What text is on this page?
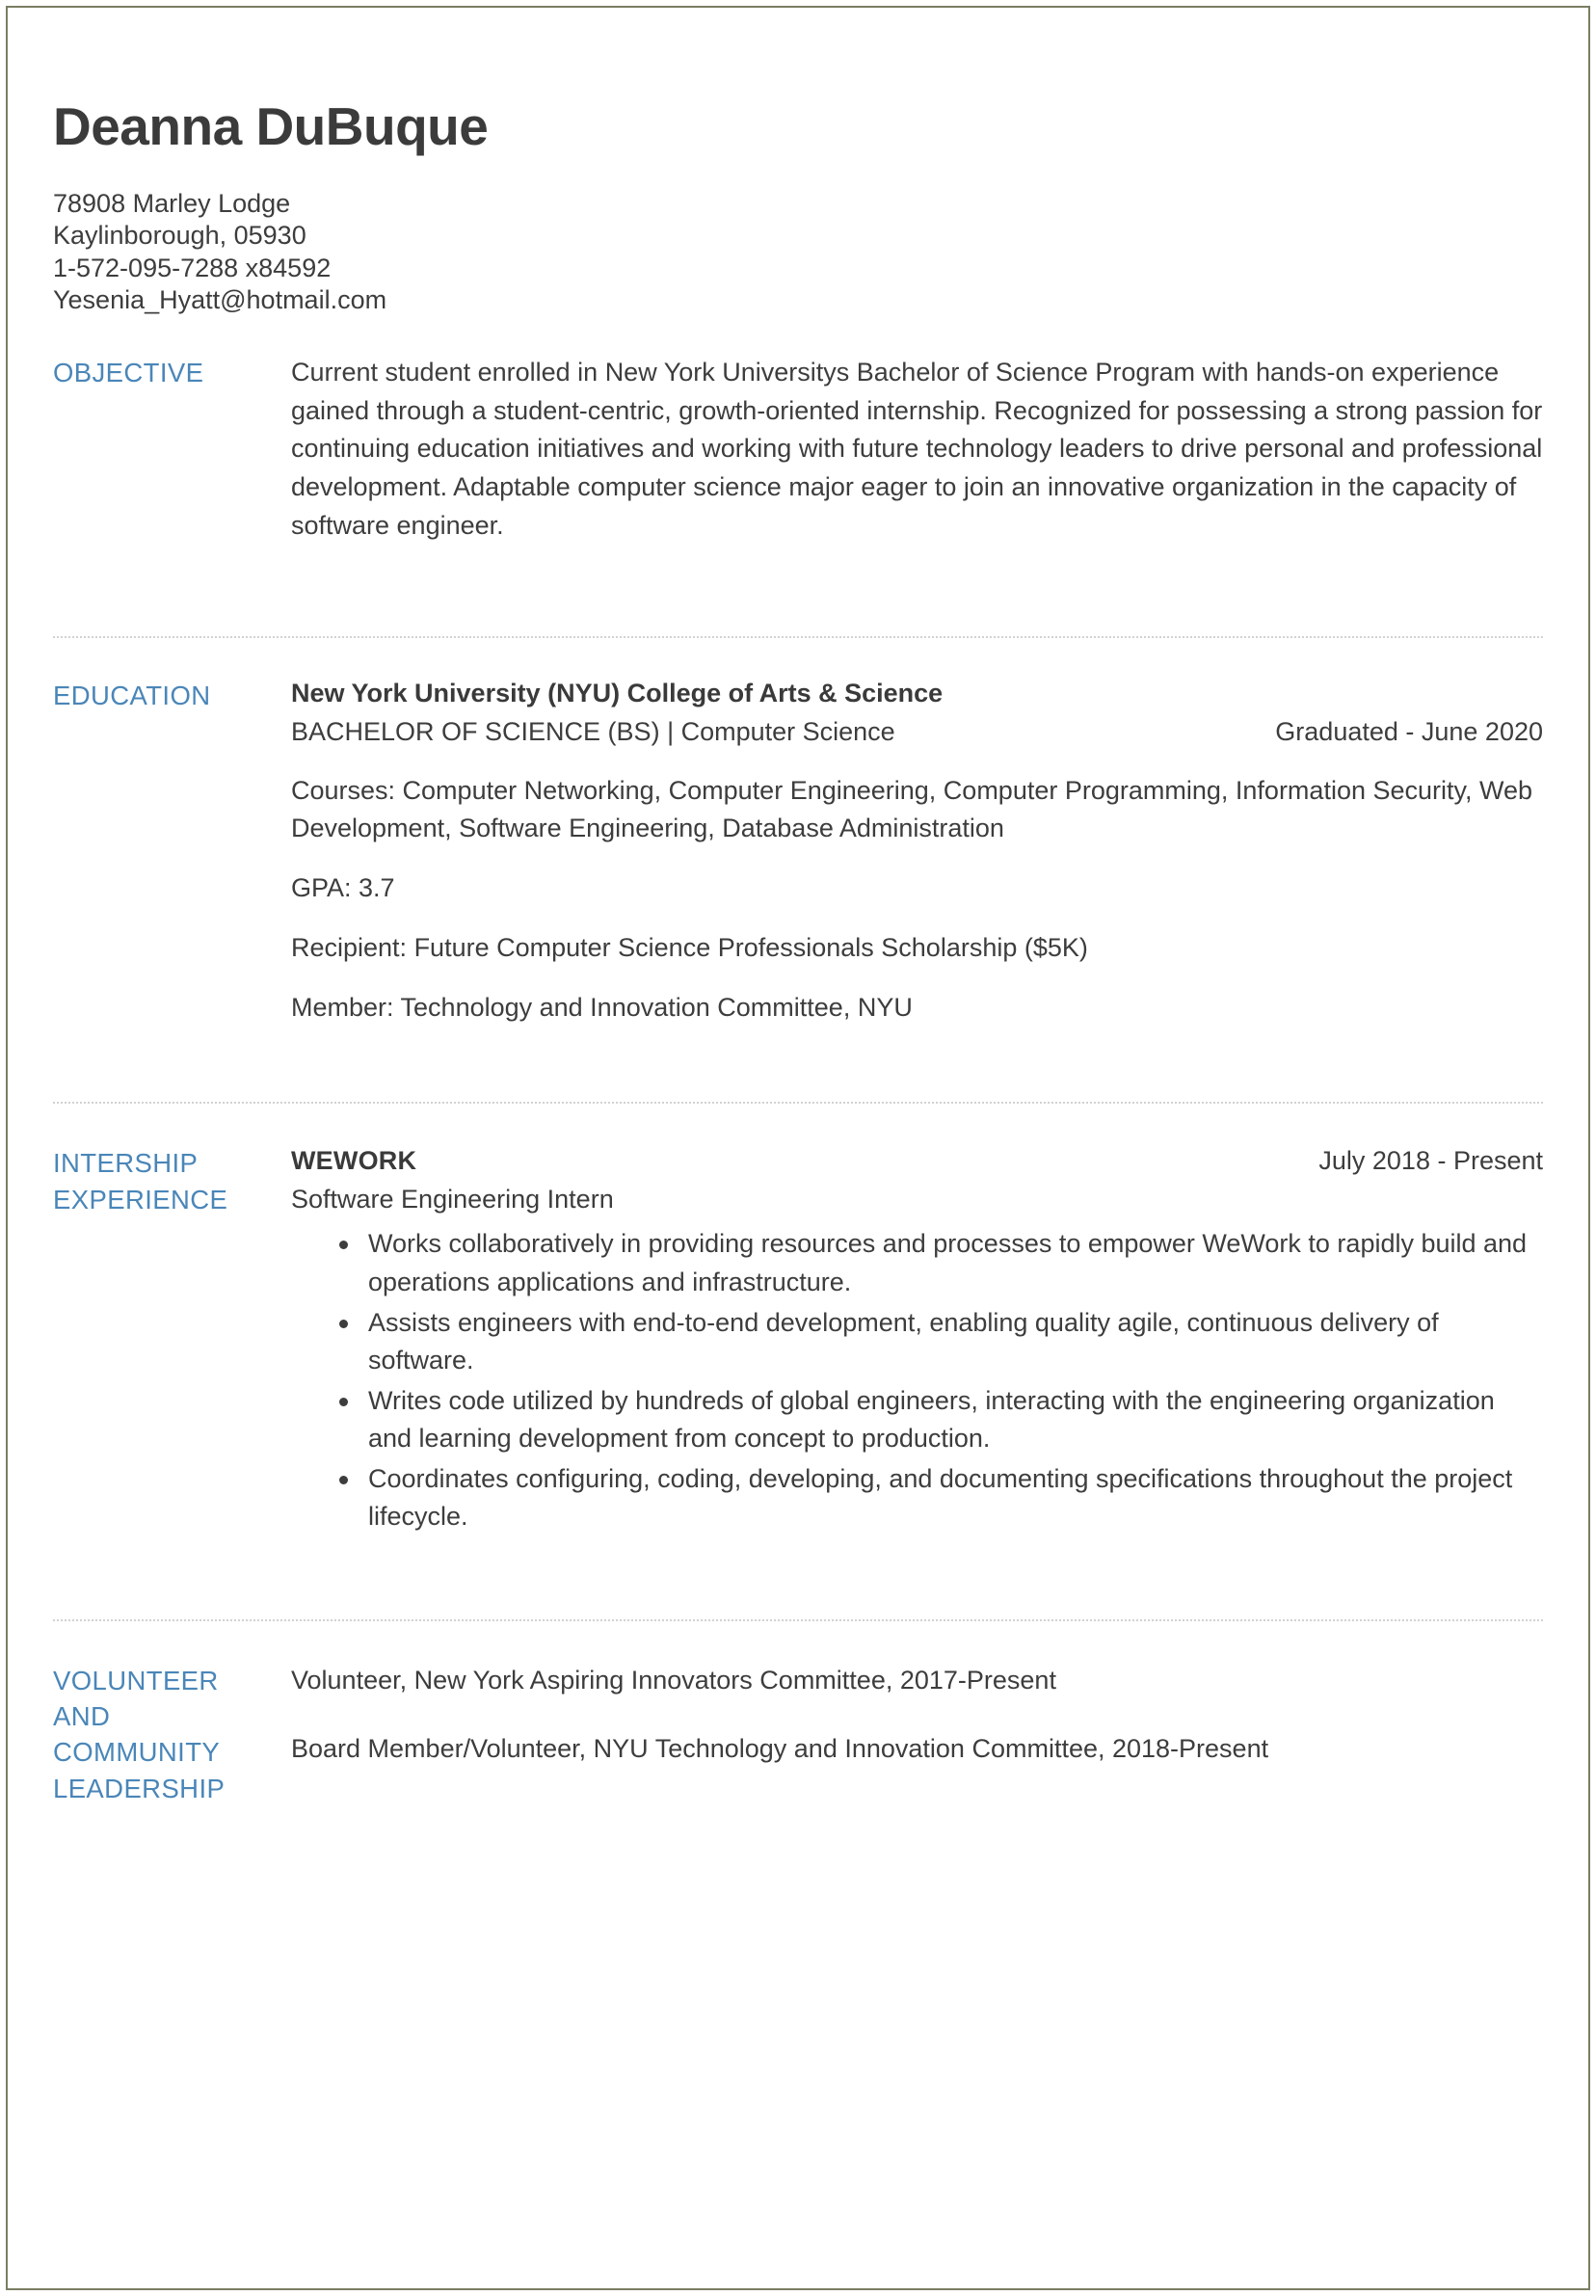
Deanna DuBuque
78908 Marley Lodge
Kaylinborough, 05930
1-572-095-7288 x84592
Yesenia_Hyatt@hotmail.com
OBJECTIVE	Current student enrolled in New York Universitys Bachelor of Science Program with hands-on experience gained through a student-centric, growth-oriented internship. Recognized for possessing a strong passion for continuing education initiatives and working with future technology leaders to drive personal and professional development. Adaptable computer science major eager to join an innovative organization in the capacity of software engineer.

EDUCATION	New York University (NYU) College of Arts & Science
BACHELOR OF SCIENCE (BS) | Computer Science	Graduated - June 2020
Courses: Computer Networking, Computer Engineering, Computer Programming, Information Security, Web Development, Software Engineering, Database Administration
GPA: 3.7
Recipient: Future Computer Science Professionals Scholarship ($5K)
Member: Technology and Innovation Committee, NYU
INTERSHIP
EXPERIENCE
WEWORK	July 2018 - Present
Software Engineering Intern
Works collaboratively in providing resources and processes to empower WeWork to rapidly build and operations applications and infrastructure.
Assists engineers with end-to-end development, enabling quality agile, continuous delivery of software.
Writes code utilized by hundreds of global engineers, interacting with the engineering organization and learning development from concept to production.
Coordinates configuring, coding, developing, and documenting specifications throughout the project lifecycle.
VOLUNTEER
AND
COMMUNITY
LEADERSHIP
Volunteer, New York Aspiring Innovators Committee, 2017-Present
Board Member/Volunteer, NYU Technology and Innovation Committee, 2018-Present
